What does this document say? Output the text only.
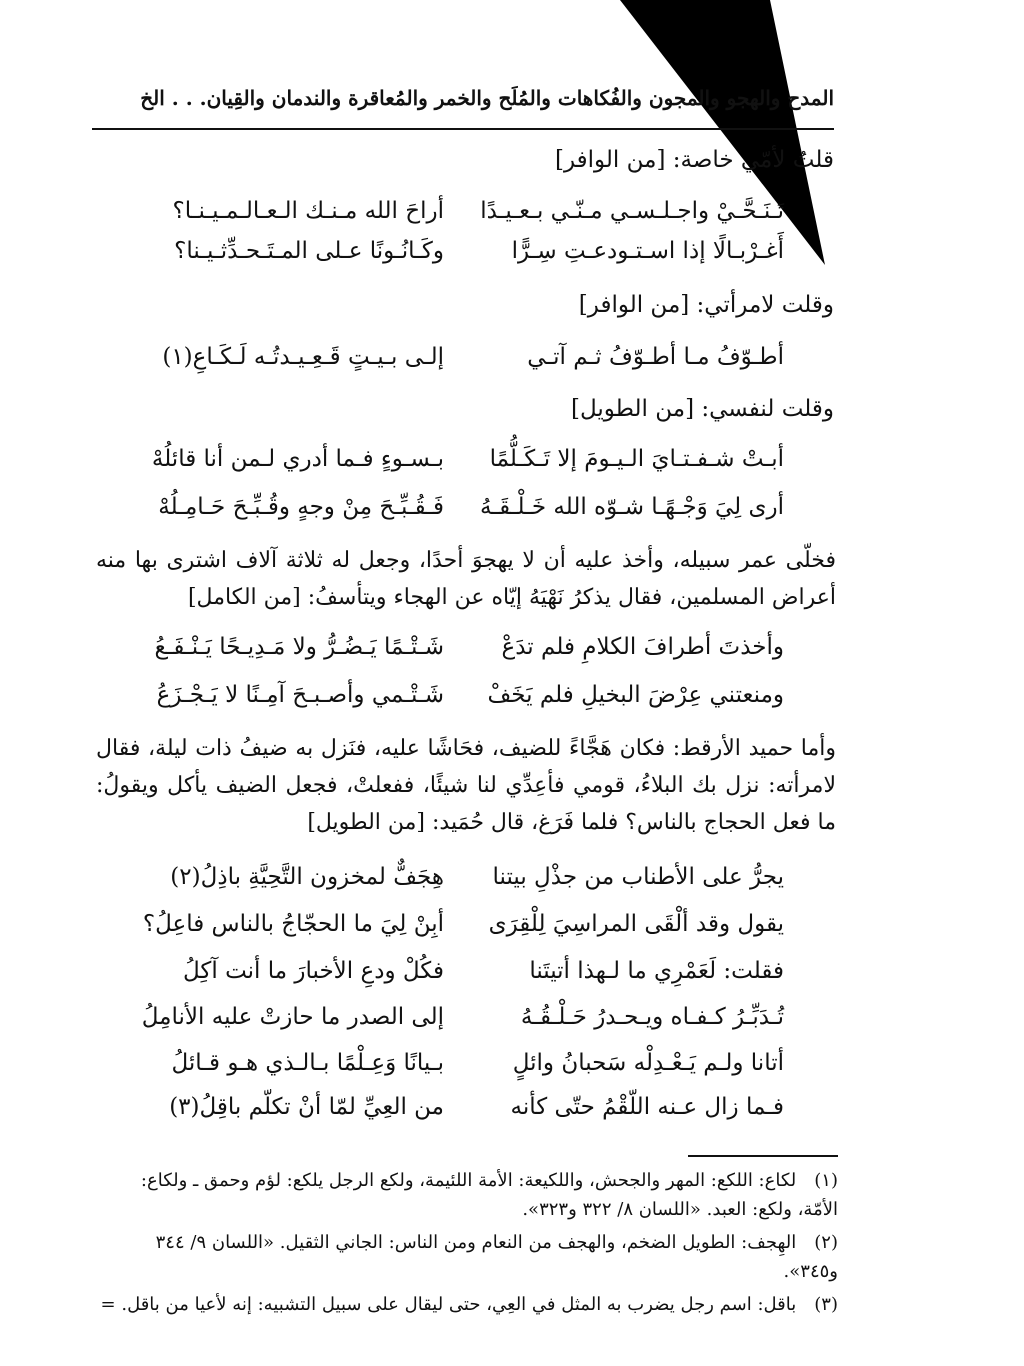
المدح والهجو والمجون والفُكاهات والمُلَح والخمر والمُعاقرة والندمان والقِيان. . . الخ
قلتُ لأمّي خاصة: [من الوافر]
تَـنَـحَّـيْ واجـلـسـي مـنّـي بـعـيـدًا
أراحَ الله مـنـك الـعـالـمـيـنـا؟
أَغـرْبـالًا إذا اسـتـودعـتِ سِـرًّا
وكَـانُـونًا عـلى المـتَـحـدِّثـيـنا؟
وقلت لامرأتي: [من الوافر]
أطـوّفُ مـا أطـوّفُ ثـم آتـي
إلـى بـيـتٍ قَـعِـيـدتُـه لَـكَـاعِ(١)
وقلت لنفسي: [من الطويل]
أبـتْ شـفـتـايَ الـيـومَ إلا تَـكَـلُّمًا
بـسـوءٍ فـما أدري لـمن أنا قائلُهْ
أرى لِيَ وَجْـهًـا شـوّه الله خَـلْـقَـهُ
فَـقُـبِّـحَ مِنْ وجهٍ وقُـبِّـحَ حَـامِـلُهْ

فخلّى عمر سبيله، وأخذ عليه أن لا يهجوَ أحدًا، وجعل له ثلاثة آلاف اشترى بها منه أعراض المسلمين، فقال يذكرُ نَهْيَهُ إيّاه عن الهجاء ويتأسفُ: [من الكامل]

وأخذتَ أطرافَ الكلامِ فلم تدَعْ
شَـتْـمًا يَـضُـرُّ ولا مَـدِيـحًا يَـنْـفَـعُ
ومنعتني عِرْضَ البخيلِ فلم يَخَفْ
شَـتْـمي وأصـبـحَ آمِـنًا لا يَـجْـزَعُ

وأما حميد الأرقط: فكان هَجَّاءً للضيف، فحَاشًا عليه، فنَزل به ضيفُ ذات ليلة، فقال لامرأته: نزل بك البلاءُ، قومي فأعِدِّي لنا شيئًا، ففعلتْ، فجعل الضيف يأكل ويقولُ: ما فعل الحجاج بالناس؟ فلما فَرَغ، قال حُمَيد: [من الطويل]

يجرُّ على الأطناب من جذْلِ بيتنا
هِجَفٌّ لمخزون التَّحِيَّةِ باذِلُ(٢)
يقول وقد ألْقَى المراسِيَ لِلْقِرَى
أبِنْ لِيَ ما الحجّاجُ بالناس فاعِلُ؟
فقلت: لَعَمْرِي ما لـهذا أتيتَنا
فكُلْ ودعِ الأخبارَ ما أنت آكِلُ
تُـدَبِّـرُ كـفـاه ويـحـدرُ حَـلْـقُـهُ
إلى الصدر ما حازتْ عليه الأنامِلُ
أتانا ولـم يَـعْـدِلْه سَحبانُ وائلٍ
بـيانًا وَعِـلْمًا بـالـذي هـو قـائلُ
فـما زال عـنه اللّقْمُ حتّى كأنه
من العِيِّ لمّا أنْ تكلّم باقِلُ(٣)
(١) لكاع: اللكع: المهر والجحش، واللكيعة: الأمة اللئيمة، ولكع الرجل يلكع: لؤم وحمق ـ ولكاع: الأمّة، ولكع: العبد. «اللسان ٨/ ٣٢٢ و٣٢٣».
(٢) الهِجف: الطويل الضخم، والهجف من النعام ومن الناس: الجاني الثقيل. «اللسان ٩/ ٣٤٤ و٣٤٥».
(٣) باقل: اسم رجل يضرب به المثل في العِي، حتى ليقال على سبيل التشبيه: إنه لأعيا من باقل. =
